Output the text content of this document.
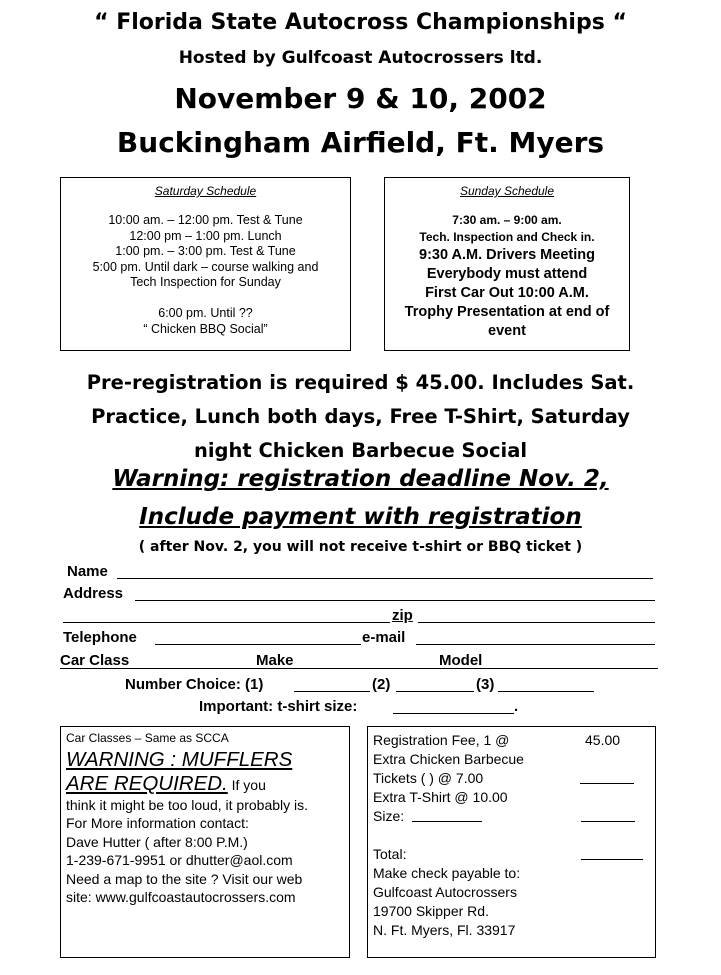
“ Florida State Autocross Championships “
Hosted by Gulfcoast Autocrossers ltd.
November 9 & 10, 2002
Buckingham Airfield, Ft. Myers
Saturday Schedule
10:00 am. – 12:00 pm. Test & Tune
12:00 pm – 1:00 pm. Lunch
1:00 pm. – 3:00 pm. Test & Tune
5:00 pm. Until dark – course walking and
Tech Inspection for Sunday
6:00 pm. Until ??
“ Chicken BBQ Social”
Sunday Schedule
7:30 am. – 9:00 am.
Tech. Inspection and Check in.
9:30 A.M. Drivers Meeting
Everybody must attend
First Car Out 10:00 A.M.
Trophy Presentation at end of
event
Pre-registration is required $ 45.00. Includes Sat.
Practice, Lunch both days, Free T-Shirt, Saturday
night Chicken Barbecue Social
Warning: registration deadline Nov. 2,
Include payment with registration
( after Nov. 2, you will not receive t-shirt or BBQ ticket )
Name
Address
zip
Telephone	e-mail
Car Class	Make	Model
Number Choice: (1)	(2)	(3)
Important: t-shirt size:	.
Car Classes – Same as SCCA
WARNING : MUFFLERS
ARE REQUIRED. If you
think it might be too loud, it probably is.
For More information contact:
Dave Hutter ( after 8:00 P.M.)
1-239-671-9951 or dhutter@aol.com
Need a map to the site ? Visit our web
site: www.gulfcoastautocrossers.com
Registration Fee, 1 @	45.00
Extra Chicken Barbecue
Tickets ( ) @ 7.00
Extra T-Shirt @ 10.00
Size:
Total:
Make check payable to:
Gulfcoast Autocrossers
19700 Skipper Rd.
N. Ft. Myers, Fl. 33917
